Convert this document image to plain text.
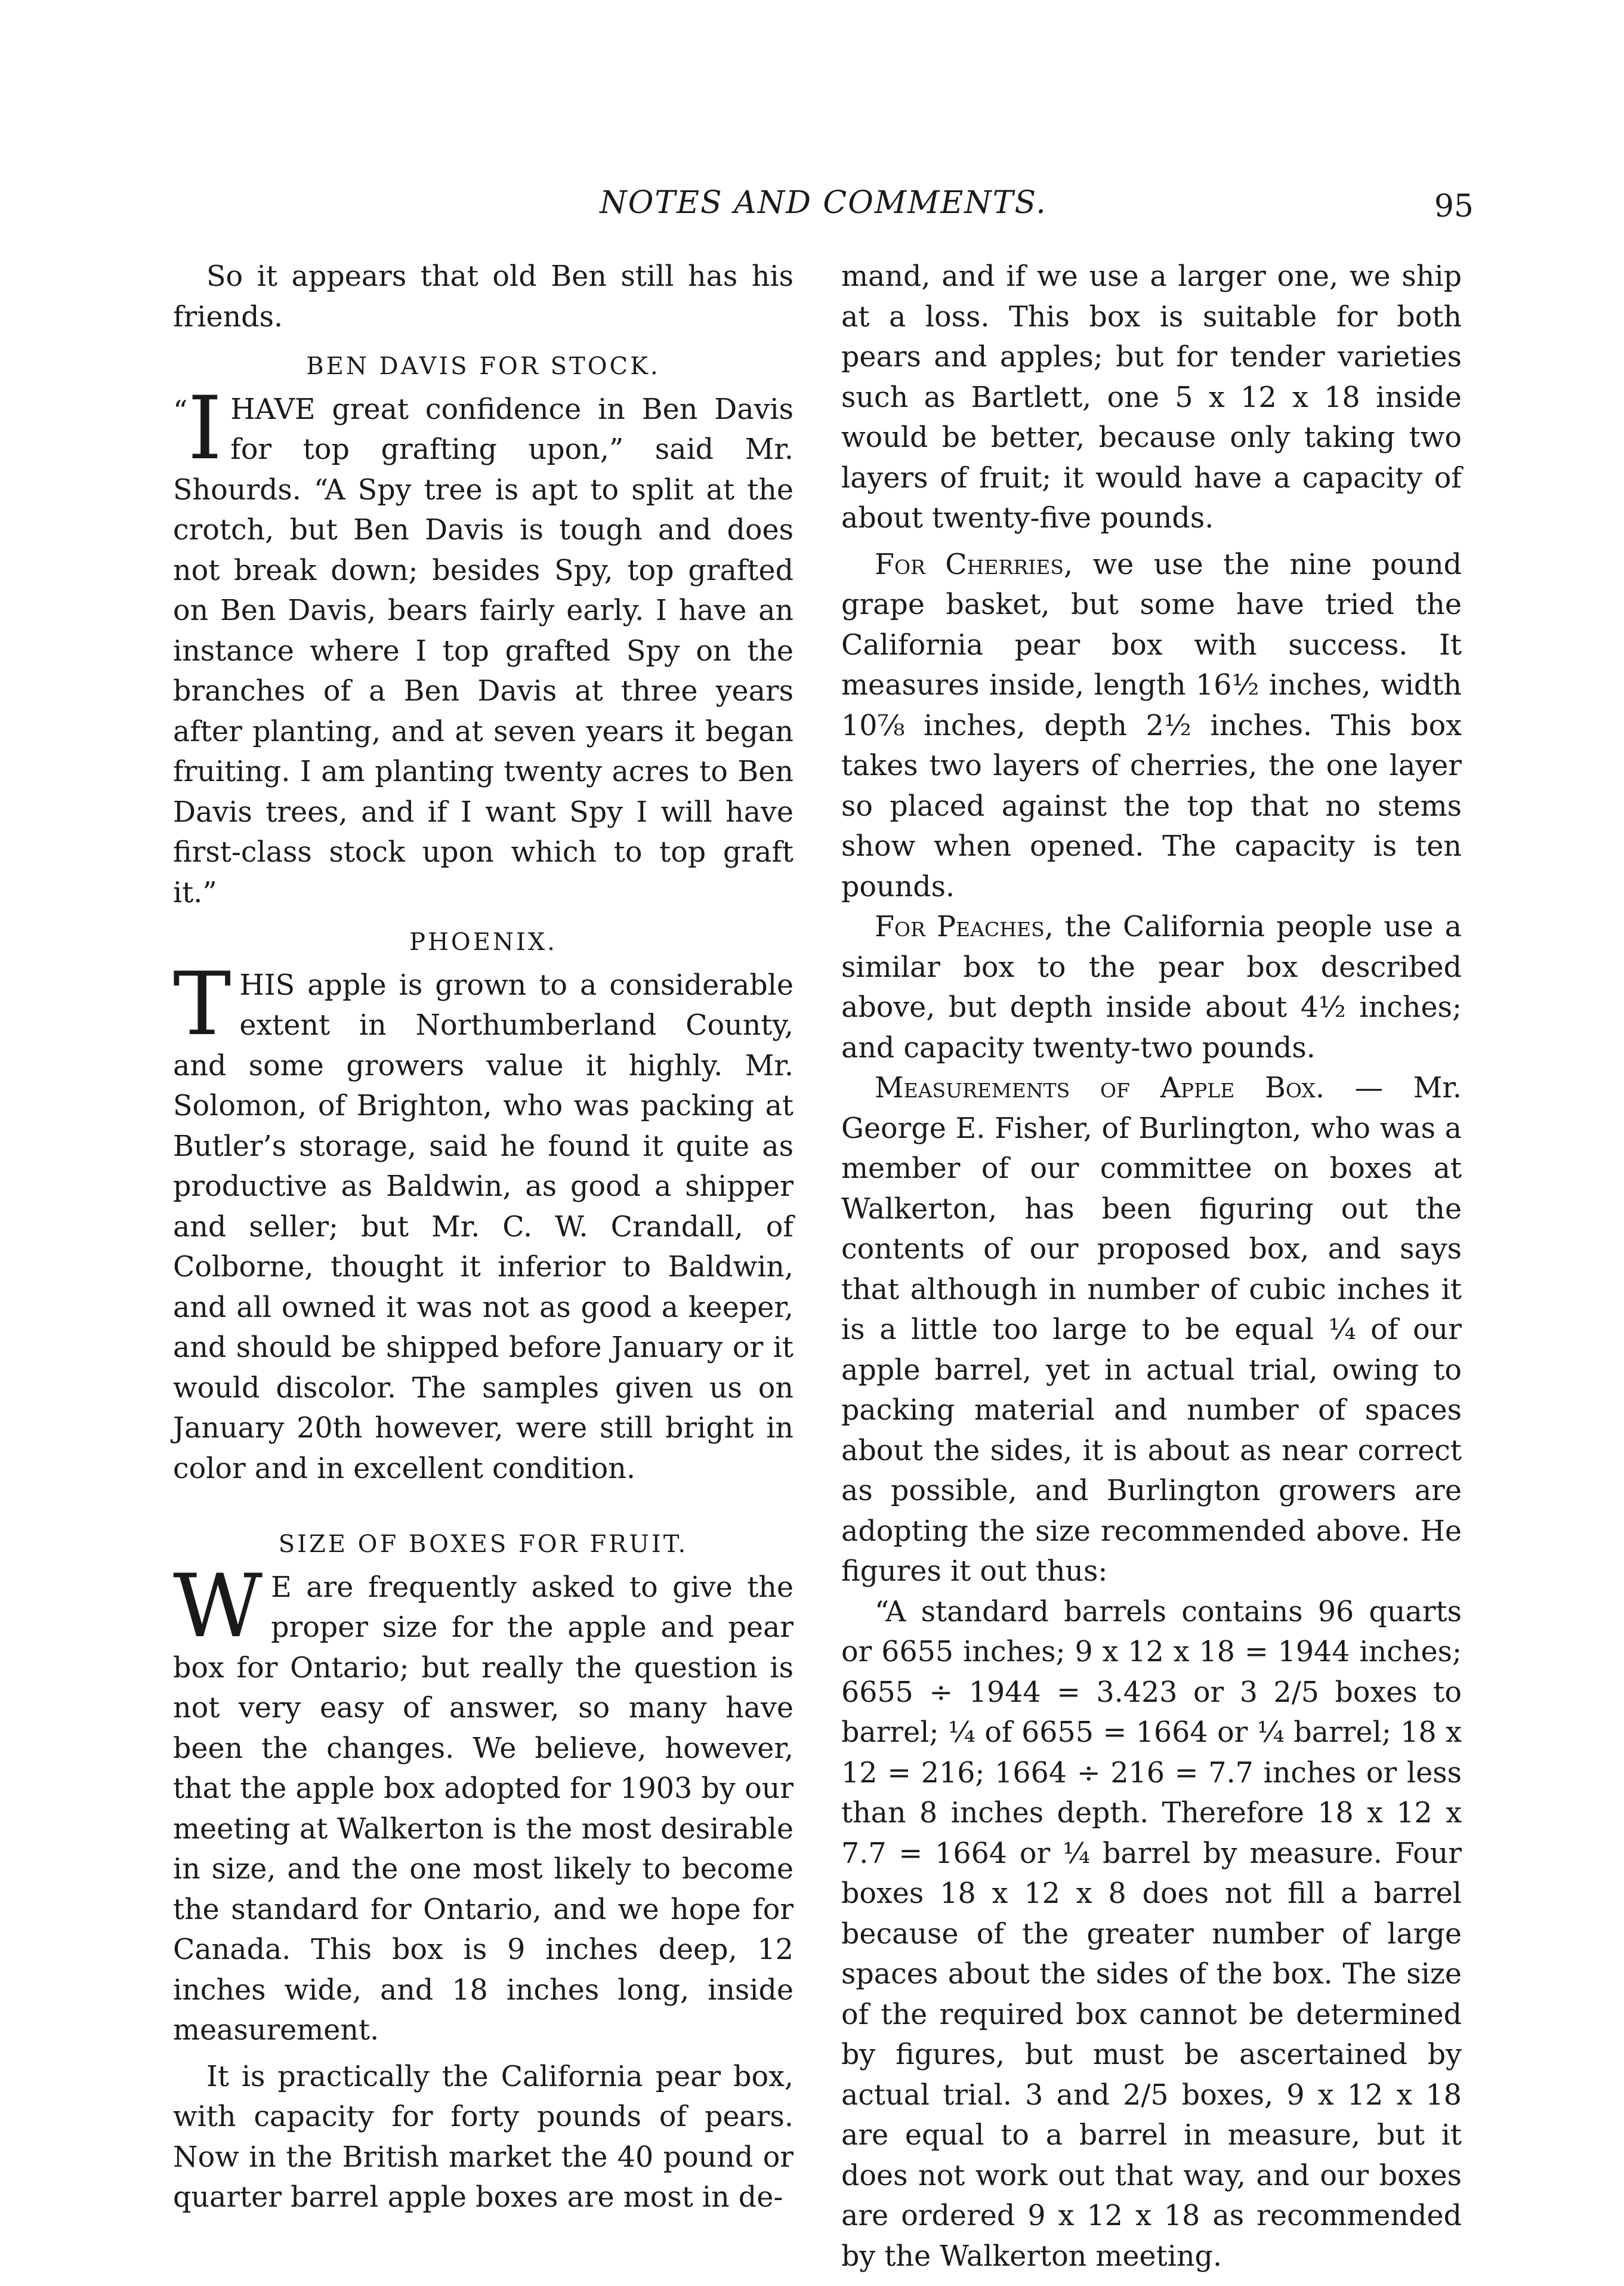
NOTES AND COMMENTS.	95

So it appears that old Ben still has his friends.

BEN DAVIS FOR STOCK.

“I HAVE great confidence in Ben Davis for top grafting upon,” said Mr. Shourds. “A Spy tree is apt to split at the crotch, but Ben Davis is tough and does not break down; besides Spy, top grafted on Ben Davis, bears fairly early. I have an instance where I top grafted Spy on the branches of a Ben Davis at three years after planting, and at seven years it began fruiting. I am planting twenty acres to Ben Davis trees, and if I want Spy I will have first-class stock upon which to top graft it.”

PHOENIX.

THIS apple is grown to a considerable extent in Northumberland County, and some growers value it highly. Mr. Solomon, of Brighton, who was packing at Butler’s storage, said he found it quite as productive as Baldwin, as good a shipper and seller; but Mr. C. W. Crandall, of Colborne, thought it inferior to Baldwin, and all owned it was not as good a keeper, and should be shipped before January or it would discolor. The samples given us on January 20th however, were still bright in color and in excellent condition.

SIZE OF BOXES FOR FRUIT.

W E are frequently asked to give the proper size for the apple and pear box for Ontario; but really the question is not very easy of answer, so many have been the changes. We believe, however, that the apple box adopted for 1903 by our meeting at Walkerton is the most desirable in size, and the one most likely to become the standard for Ontario, and we hope for Canada. This box is 9 inches deep, 12 inches wide, and 18 inches long, inside measurement.

It is practically the California pear box, with capacity for forty pounds of pears. Now in the British market the 40 pound or quarter barrel apple boxes are most in de-

mand, and if we use a larger one, we ship at a loss. This box is suitable for both pears and apples; but for tender varieties such as Bartlett, one 5 x 12 x 18 inside would be better, because only taking two layers of fruit; it would have a capacity of about twenty-five pounds.

For Cherries, we use the nine pound grape basket, but some have tried the California pear box with success. It measures inside, length 16½ inches, width 10⅞ inches, depth 2½ inches. This box takes two layers of cherries, the one layer so placed against the top that no stems show when opened. The capacity is ten pounds.

For Peaches, the California people use a similar box to the pear box described above, but depth inside about 4½ inches; and capacity twenty-two pounds.

Measurements of Apple Box. — Mr. George E. Fisher, of Burlington, who was a member of our committee on boxes at Walkerton, has been figuring out the contents of our proposed box, and says that although in number of cubic inches it is a little too large to be equal ¼ of our apple barrel, yet in actual trial, owing to packing material and number of spaces about the sides, it is about as near correct as possible, and Burlington growers are adopting the size recommended above. He figures it out thus:

“A standard barrels contains 96 quarts or 6655 inches; 9 x 12 x 18 = 1944 inches; 6655 ÷ 1944 = 3.423 or 3 2/5 boxes to barrel; ¼ of 6655 = 1664 or ¼ barrel; 18 x 12 = 216; 1664 ÷ 216 = 7.7 inches or less than 8 inches depth. Therefore 18 x 12 x 7.7 = 1664 or ¼ barrel by measure. Four boxes 18 x 12 x 8 does not fill a barrel because of the greater number of large spaces about the sides of the box. The size of the required box cannot be determined by figures, but must be ascertained by actual trial. 3 and 2/5 boxes, 9 x 12 x 18 are equal to a barrel in measure, but it does not work out that way, and our boxes are ordered 9 x 12 x 18 as recommended by the Walkerton meeting.
